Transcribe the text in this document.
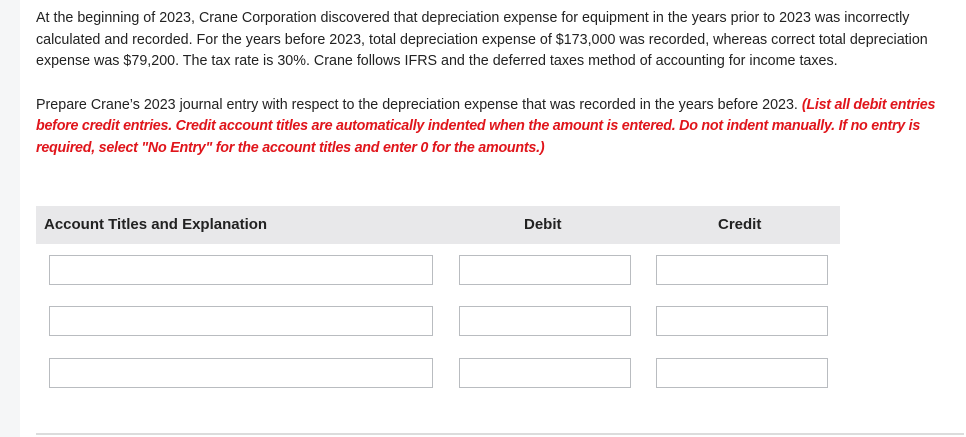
At the beginning of 2023, Crane Corporation discovered that depreciation expense for equipment in the years prior to 2023 was incorrectly calculated and recorded. For the years before 2023, total depreciation expense of $173,000 was recorded, whereas correct total depreciation expense was $79,200. The tax rate is 30%. Crane follows IFRS and the deferred taxes method of accounting for income taxes.

Prepare Crane’s 2023 journal entry with respect to the depreciation expense that was recorded in the years before 2023. (List all debit entries before credit entries. Credit account titles are automatically indented when the amount is entered. Do not indent manually. If no entry is required, select "No Entry" for the account titles and enter 0 for the amounts.)

Account Titles and Explanation	Debit	Credit
